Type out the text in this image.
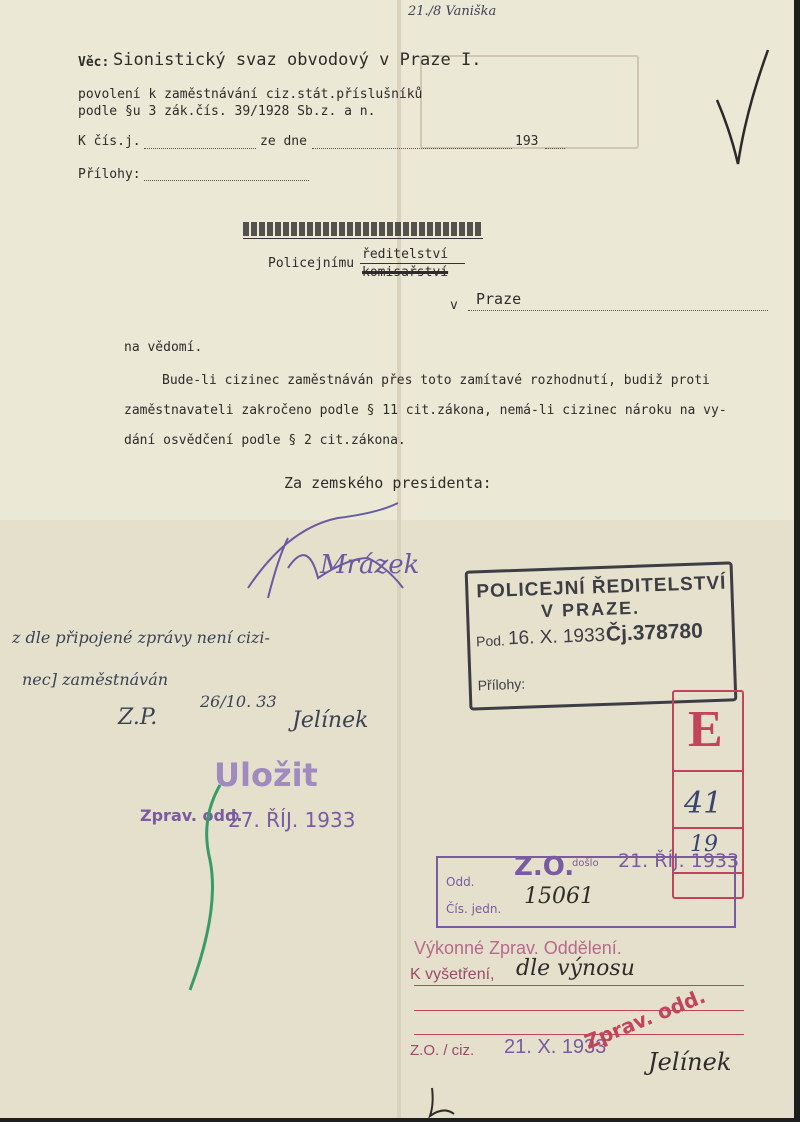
21./8 Vaniška
Věc: Sionistický svaz obvodový v Praze I.
povolení k zaměstnávání ciz.stát.příslušníků
podle §u 3 zák.čís. 39/1928 Sb.z. a n.
K čís.j.	ze dne	193
Přílohy:
Policejnímu
ředitelství
komisařství
v Praze
na vědomí.
Bude-li cizinec zaměstnáván přes toto zamítavé rozhodnutí, budiž proti
zaměstnavateli zakročeno podle § 11 cit.zákona, nemá-li cizinec nároku na vy-
dání osvědčení podle § 2 cit.zákona.
Za zemského presidenta:
Mrázek
POLICEJNÍ ŘEDITELSTVÍ
V PRAZE.
Pod. 16. X. 1933 Čj.378780
Přílohy:
z dle připojené zprávy není cizi-
nec] zaměstnáván
Z.P.
26/10. 33
Jelínek
Uložit
Zprav. odd.
27. ŘÍJ. 1933
E
41
19
Z.O.
došlo 21. ŘÍJ. 1933
Odd.
Čís. jedn. 15061
Výkonné Zprav. Oddělení.
K vyšetření, dle výnosu
Z.O. / ciz. 21. X. 1933
Zprav. odd.
Jelínek
